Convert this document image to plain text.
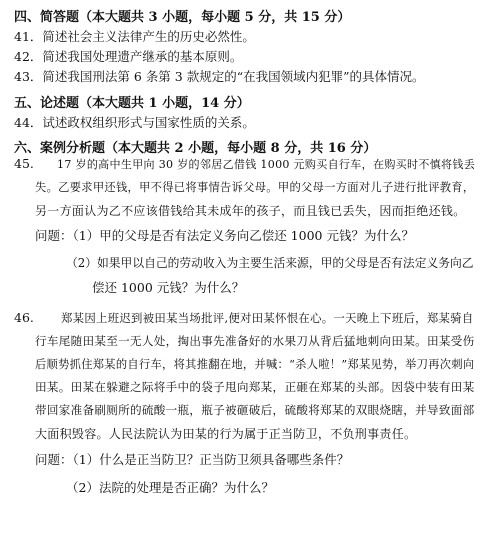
四、简答题（本大题共 3 小题，每小题 5 分，共 15 分）
41．简述社会主义法律产生的历史必然性。
42．简述我国处理遗产继承的基本原则。
43．简述我国刑法第 6 条第 3 款规定的“在我国领域内犯罪”的具体情况。
五、论述题（本大题共 1 小题，14 分）
44．试述政权组织形式与国家性质的关系。
六、案例分析题（本大题共 2 小题，每小题 8 分，共 16 分）
45. 17 岁的高中生甲向 30 岁的邻居乙借钱 1000 元购买自行车，在购买时不慎将钱丢
失。乙要求甲还钱，甲不得已将事情告诉父母。甲的父母一方面对儿子进行批评教育，
另一方面认为乙不应该借钱给其未成年的孩子，而且钱已丢失，因而拒绝还钱。
问题：（1）甲的父母是否有法定义务向乙偿还 1000 元钱？为什么？
（2）如果甲以自己的劳动收入为主要生活来源，甲的父母是否有法定义务向乙
偿还 1000 元钱？为什么？
46. 郑某因上班迟到被田某当场批评,便对田某怀恨在心。一天晚上下班后，郑某骑自
行车尾随田某至一无人处，掏出事先准备好的水果刀从背后猛地刺向田某。田某受伤
后顺势抓住郑某的自行车，将其推翻在地，并喊：“杀人啦！”郑某见势，举刀再次刺向
田某。田某在躲避之际将手中的袋子甩向郑某，正砸在郑某的头部。因袋中装有田某
带回家准备刷厕所的硫酸一瓶，瓶子被砸破后，硫酸将郑某的双眼烧瞎，并导致面部
大面积毁容。人民法院认为田某的行为属于正当防卫，不负刑事责任。
问题：（1）什么是正当防卫？正当防卫须具备哪些条件？
（2）法院的处理是否正确？为什么？
